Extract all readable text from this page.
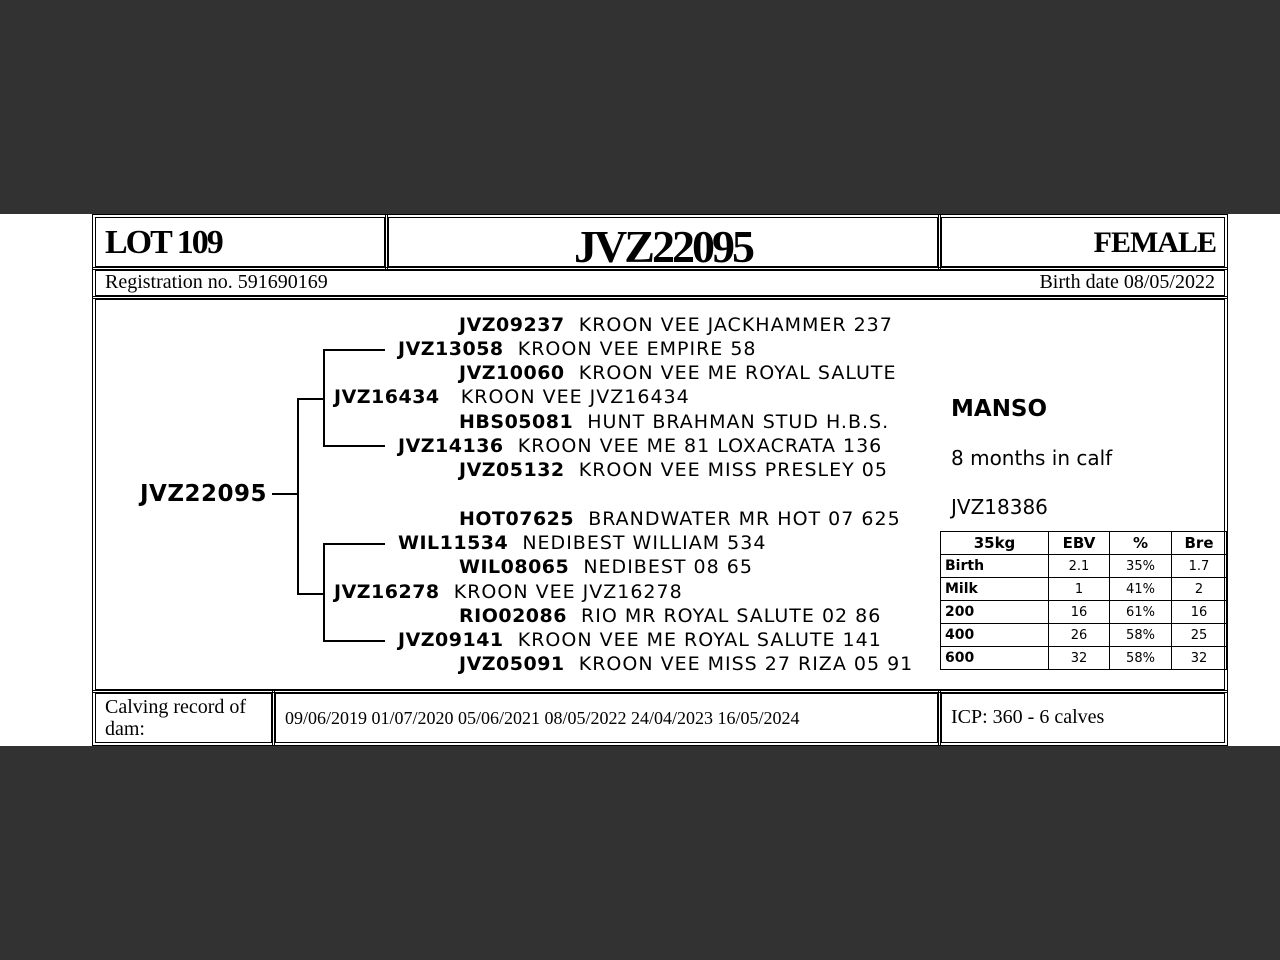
LOT 109	JVZ22095	FEMALE
Registration no. 591690169	Birth date 08/05/2022
JVZ22095
JVZ09237 KROON VEE JACKHAMMER 237
JVZ13058 KROON VEE EMPIRE 58
JVZ10060 KROON VEE ME ROYAL SALUTE
JVZ16434 KROON VEE JVZ16434
HBS05081 HUNT BRAHMAN STUD H.B.S.
JVZ14136 KROON VEE ME 81 LOXACRATA 136
JVZ05132 KROON VEE MISS PRESLEY 05
HOT07625 BRANDWATER MR HOT 07 625
WIL11534 NEDIBEST WILLIAM 534
WIL08065 NEDIBEST 08 65
JVZ16278 KROON VEE JVZ16278
RIO02086 RIO MR ROYAL SALUTE 02 86
JVZ09141 KROON VEE ME ROYAL SALUTE 141
JVZ05091 KROON VEE MISS 27 RIZA 05 91
MANSO
8 months in calf
JVZ18386
35kg	EBV	%	Bre
Birth	2.1	35%	1.7
Milk	1	41%	2
200	16	61%	16
400	26	58%	25
600	32	58%	32
Calving record of dam:	09/06/2019 01/07/2020 05/06/2021 08/05/2022 24/04/2023 16/05/2024	ICP: 360 - 6 calves
